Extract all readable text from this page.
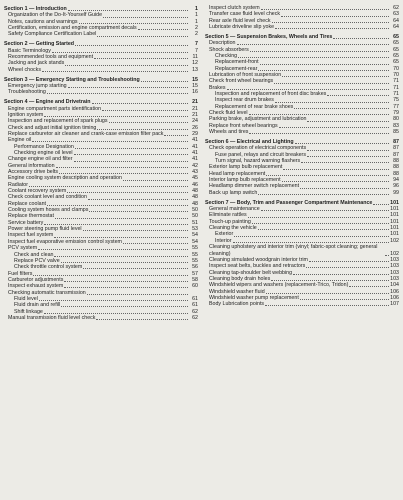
Section 1 — Introduction	1
Organization of the Do-It-Yourself Guide	1
Notes, cautions and warnings	1
Certification, emission and engine compartment decals	2
Safety Compliance Certification Label	2
Section 2 — Getting Started	7
Basic Terminology	7
Recommended tools and equipment	11
Jacking and jack stands	12
Wheel chocks	13
Section 3 — Emergency Starting and Troubleshooting	15
Emergency jump starting	15
Troubleshooting	16
Section 4 — Engine and Drivetrain	21
Engine compartment parts identification	21
Ignition system	21
Inspection and replacement of spark plugs	24
Check and adjust initial ignition timing	26
Replace carburetor air cleaner and crank-case emission filter pack	29
Engine oil	41
Performance Designation	41
Checking engine oil level	41
Change engine oil and filter	41
General information	42
Accessory drive belts	43
Engine cooling system description and operation	45
Radiator	46
Coolant recovery system	48
Check coolant level and condition	48
Replace coolant	48
Cooling system hoses and clamps	50
Replace thermostat	50
Service battery	51
Power steering pump fluid level	53
Inspect fuel system	54
Inspect fuel evaporative emission control system	54
PCV system	55
Check and clean	55
Replace PCV valve	55
Check throttle control system	56
Fuel filters	57
Carburetor adjustments	58
Inspect exhaust system	60
Checking automatic transmission
Fluid level	61
Fluid drain and refill	61
Shift linkage	62
Manual transmission fluid level check	62
Inspect clutch system	62
Transfer case fluid level check	63
Rear axle fluid level check	64
Lubricate driveline slip yoke	64
Section 5 — Suspension Brakes, Wheels and Tires	65
Description	65
Shock absorbers	65
Checking	65
Replacement-front	65
Replacement-rear	70
Lubrication of front suspension	70
Check front wheel bearings	71
Brakes	71
Inspection and replacement of front disc brakes	71
Inspect rear drum brakes	75
Replacement of rear brake shoes	77
Check fluid level	79
Parking brake, adjustment and lubrication	80
Replace front wheel bearings	83
Wheels and tires	85
Section 6 — Electrical and Lighting	87
Check operation of electrical components	87
Fuse panel, relays and circuit breakers	87
Turn signal, hazard warning flashers	88
Exterior lamp bulb replacement	88
Head lamp replacement	88
Interior lamp bulb replacement	94
Headlamp dimmer switch replacement	96
Back up lamp switch	99
Section 7 — Body, Trim and Passenger Compartment Maintenance	101
General maintenance	101
Eliminate rattles	101
Touch-up painting	101
Cleaning the vehicle	101
Exterior	101
Interior	102
Cleaning upholstery and interior trim (vinyl; fabric-spot cleaning; general cleaning)	102
Cleaning simulated woodgrain interior trim	103
Inspect seat belts, buckles and retractors	103
Cleaning tap-shoulder belt webbing	103
Cleaning body drain holes	103
Windshield wipers and washers (replacement-Trico, Tridon)	104
Windshield washer fluid	106
Windshield washer pump replacement	106
Body Lubrication points	107
